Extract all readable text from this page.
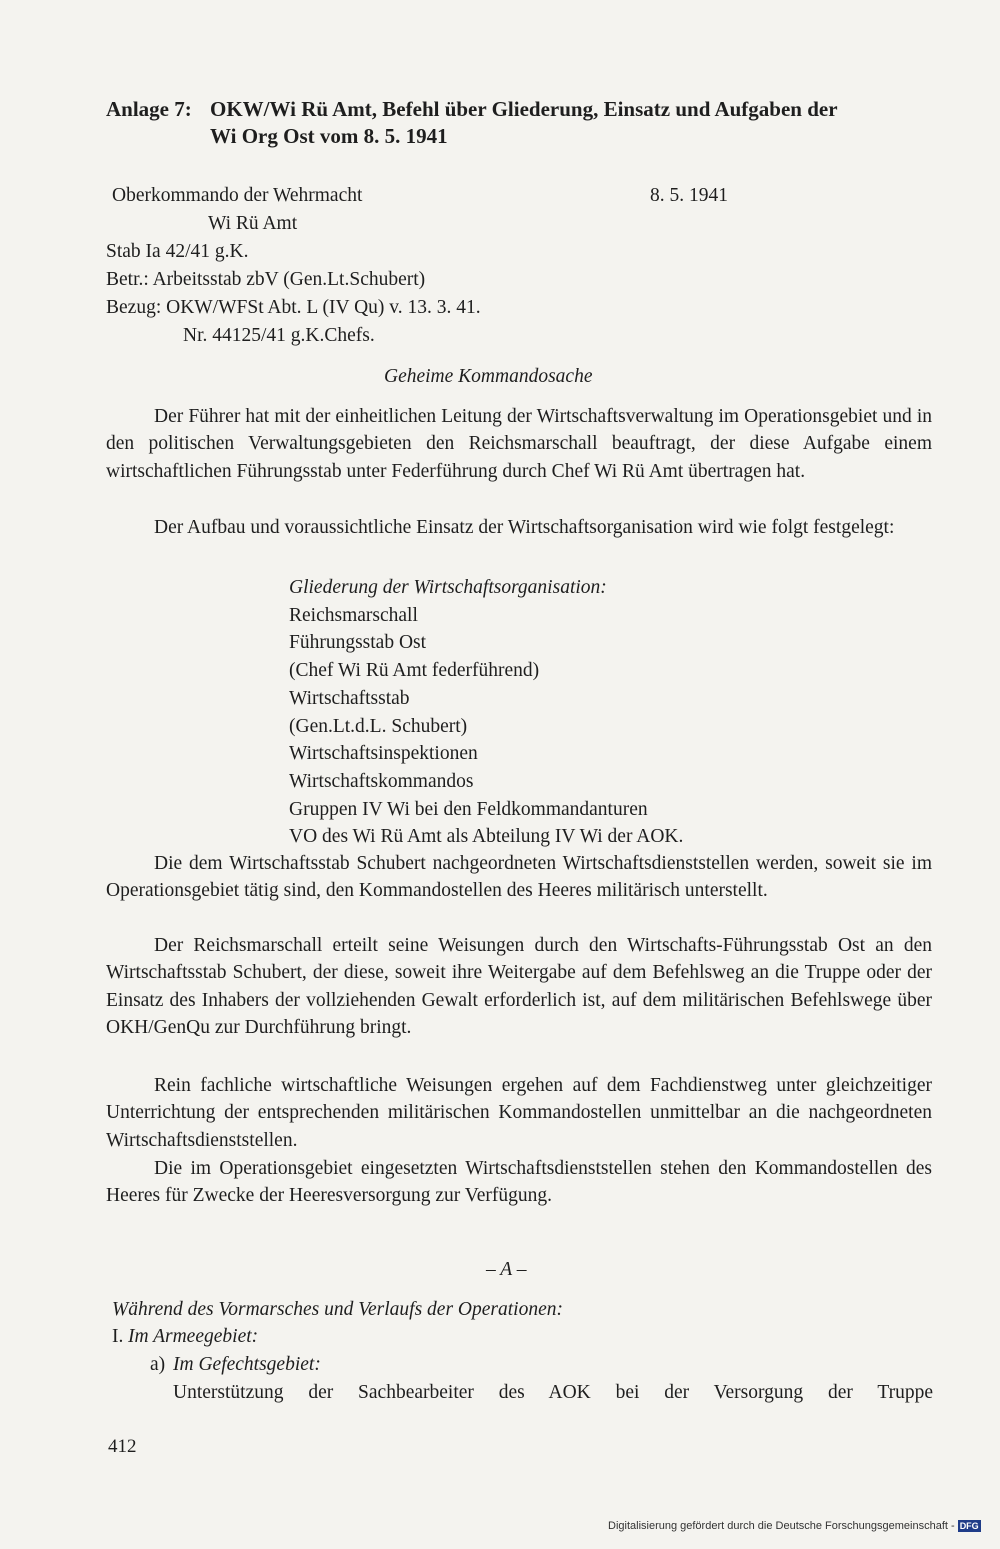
Anlage 7: OKW/Wi Rü Amt, Befehl über Gliederung, Einsatz und Aufgaben der
Wi Org Ost vom 8. 5. 1941
Oberkommando der Wehrmacht	8. 5. 1941
Wi Rü Amt
Stab Ia 42/41 g.K.
Betr.: Arbeitsstab zbV (Gen.Lt.Schubert)
Bezug: OKW/WFSt Abt. L (IV Qu) v. 13. 3. 41.
Nr. 44125/41 g.K.Chefs.
Geheime Kommandosache
Der Führer hat mit der einheitlichen Leitung der Wirtschaftsverwaltung im Operationsgebiet und in den politischen Verwaltungsgebieten den Reichsmarschall beauftragt, der diese Aufgabe einem wirtschaftlichen Führungsstab unter Federführung durch Chef Wi Rü Amt übertragen hat.
Der Aufbau und voraussichtliche Einsatz der Wirtschaftsorganisation wird wie folgt festgelegt:
Gliederung der Wirtschaftsorganisation:
Reichsmarschall
Führungsstab Ost
(Chef Wi Rü Amt federführend)
Wirtschaftsstab
(Gen.Lt.d.L. Schubert)
Wirtschaftsinspektionen
Wirtschaftskommandos
Gruppen IV Wi bei den Feldkommandanturen
VO des Wi Rü Amt als Abteilung IV Wi der AOK.
Die dem Wirtschaftsstab Schubert nachgeordneten Wirtschaftsdienststellen werden, soweit sie im Operationsgebiet tätig sind, den Kommandostellen des Heeres militärisch unterstellt.
Der Reichsmarschall erteilt seine Weisungen durch den Wirtschafts-Führungsstab Ost an den Wirtschaftsstab Schubert, der diese, soweit ihre Weitergabe auf dem Befehlsweg an die Truppe oder der Einsatz des Inhabers der vollziehenden Gewalt erforderlich ist, auf dem militärischen Befehlswege über OKH/GenQu zur Durchführung bringt.
Rein fachliche wirtschaftliche Weisungen ergehen auf dem Fachdienstweg unter gleichzeitiger Unterrichtung der entsprechenden militärischen Kommandostellen unmittelbar an die nachgeordneten Wirtschaftsdienststellen.
Die im Operationsgebiet eingesetzten Wirtschaftsdienststellen stehen den Kommandostellen des Heeres für Zwecke der Heeresversorgung zur Verfügung.
– A –
Während des Vormarsches und Verlaufs der Operationen:
I. Im Armeegebiet:
a) Im Gefechtsgebiet:
Unterstützung der Sachbearbeiter des AOK bei der Versorgung der Truppe
412
Digitalisierung gefördert durch die Deutsche Forschungsgemeinschaft - DFG
